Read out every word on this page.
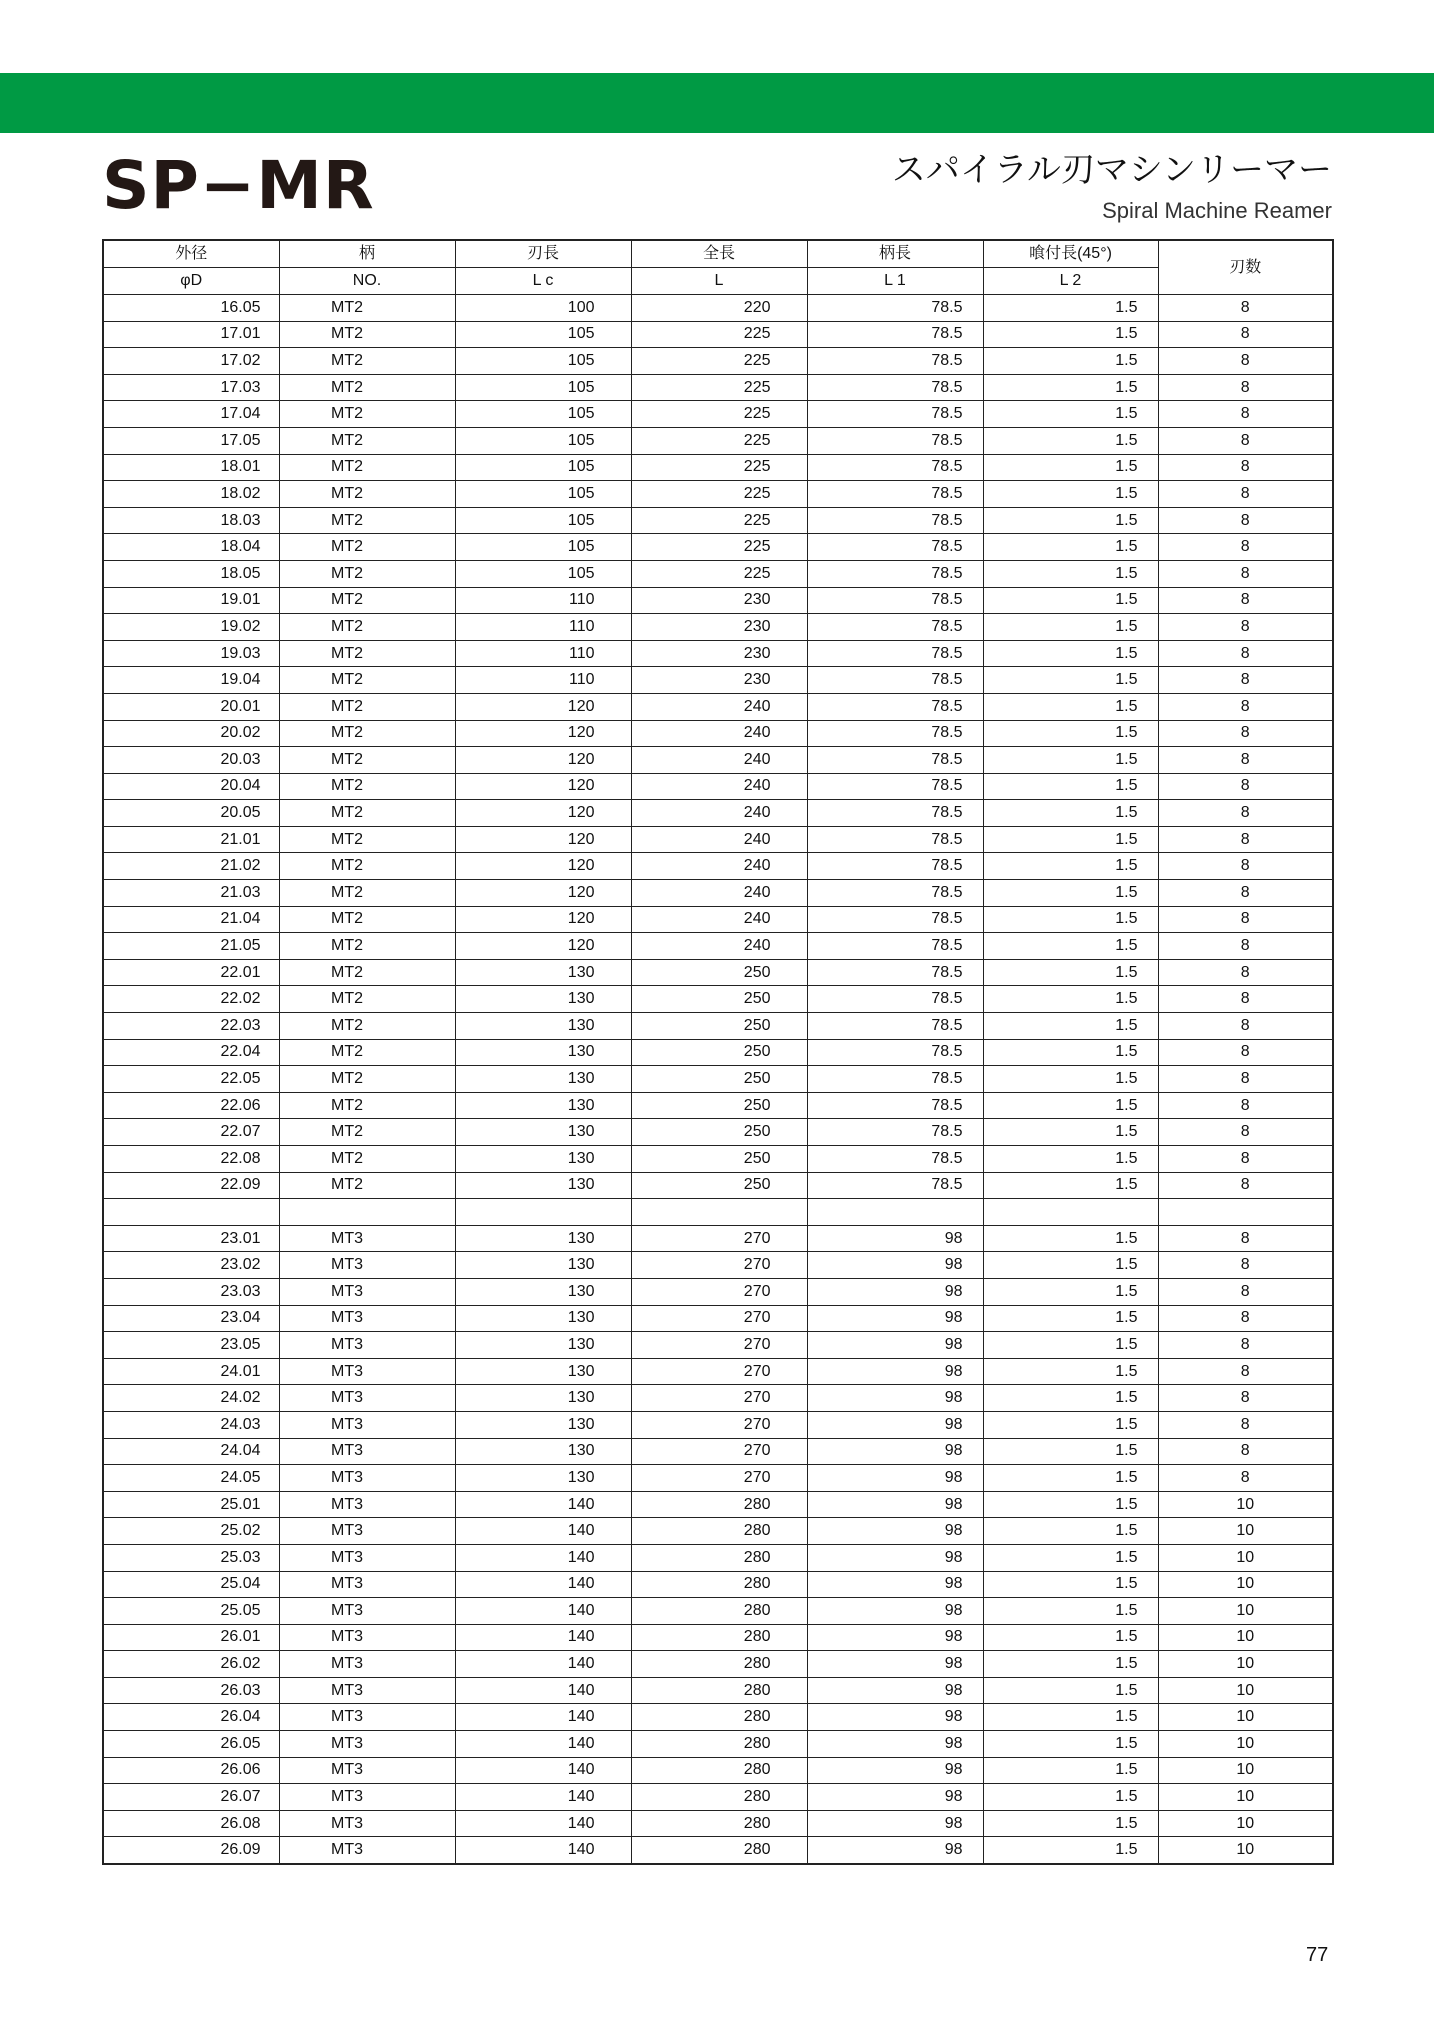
SP−MR	スパイラル刃マシンリーマー
Spiral Machine Reamer
外径	柄	刃長	全長	柄長	喰付長(45°)	刃数
φD	NO.	L c	L	L 1	L 2	
16.05	MT2	100	220	78.5	1.5	8
17.01	MT2	105	225	78.5	1.5	8
17.02	MT2	105	225	78.5	1.5	8
17.03	MT2	105	225	78.5	1.5	8
17.04	MT2	105	225	78.5	1.5	8
17.05	MT2	105	225	78.5	1.5	8
18.01	MT2	105	225	78.5	1.5	8
18.02	MT2	105	225	78.5	1.5	8
18.03	MT2	105	225	78.5	1.5	8
18.04	MT2	105	225	78.5	1.5	8
18.05	MT2	105	225	78.5	1.5	8
19.01	MT2	110	230	78.5	1.5	8
19.02	MT2	110	230	78.5	1.5	8
19.03	MT2	110	230	78.5	1.5	8
19.04	MT2	110	230	78.5	1.5	8
20.01	MT2	120	240	78.5	1.5	8
20.02	MT2	120	240	78.5	1.5	8
20.03	MT2	120	240	78.5	1.5	8
20.04	MT2	120	240	78.5	1.5	8
20.05	MT2	120	240	78.5	1.5	8
21.01	MT2	120	240	78.5	1.5	8
21.02	MT2	120	240	78.5	1.5	8
21.03	MT2	120	240	78.5	1.5	8
21.04	MT2	120	240	78.5	1.5	8
21.05	MT2	120	240	78.5	1.5	8
22.01	MT2	130	250	78.5	1.5	8
22.02	MT2	130	250	78.5	1.5	8
22.03	MT2	130	250	78.5	1.5	8
22.04	MT2	130	250	78.5	1.5	8
22.05	MT2	130	250	78.5	1.5	8
22.06	MT2	130	250	78.5	1.5	8
22.07	MT2	130	250	78.5	1.5	8
22.08	MT2	130	250	78.5	1.5	8
22.09	MT2	130	250	78.5	1.5	8

23.01	MT3	130	270	98	1.5	8
23.02	MT3	130	270	98	1.5	8
23.03	MT3	130	270	98	1.5	8
23.04	MT3	130	270	98	1.5	8
23.05	MT3	130	270	98	1.5	8
24.01	MT3	130	270	98	1.5	8
24.02	MT3	130	270	98	1.5	8
24.03	MT3	130	270	98	1.5	8
24.04	MT3	130	270	98	1.5	8
24.05	MT3	130	270	98	1.5	8
25.01	MT3	140	280	98	1.5	10
25.02	MT3	140	280	98	1.5	10
25.03	MT3	140	280	98	1.5	10
25.04	MT3	140	280	98	1.5	10
25.05	MT3	140	280	98	1.5	10
26.01	MT3	140	280	98	1.5	10
26.02	MT3	140	280	98	1.5	10
26.03	MT3	140	280	98	1.5	10
26.04	MT3	140	280	98	1.5	10
26.05	MT3	140	280	98	1.5	10
26.06	MT3	140	280	98	1.5	10
26.07	MT3	140	280	98	1.5	10
26.08	MT3	140	280	98	1.5	10
26.09	MT3	140	280	98	1.5	10
77
